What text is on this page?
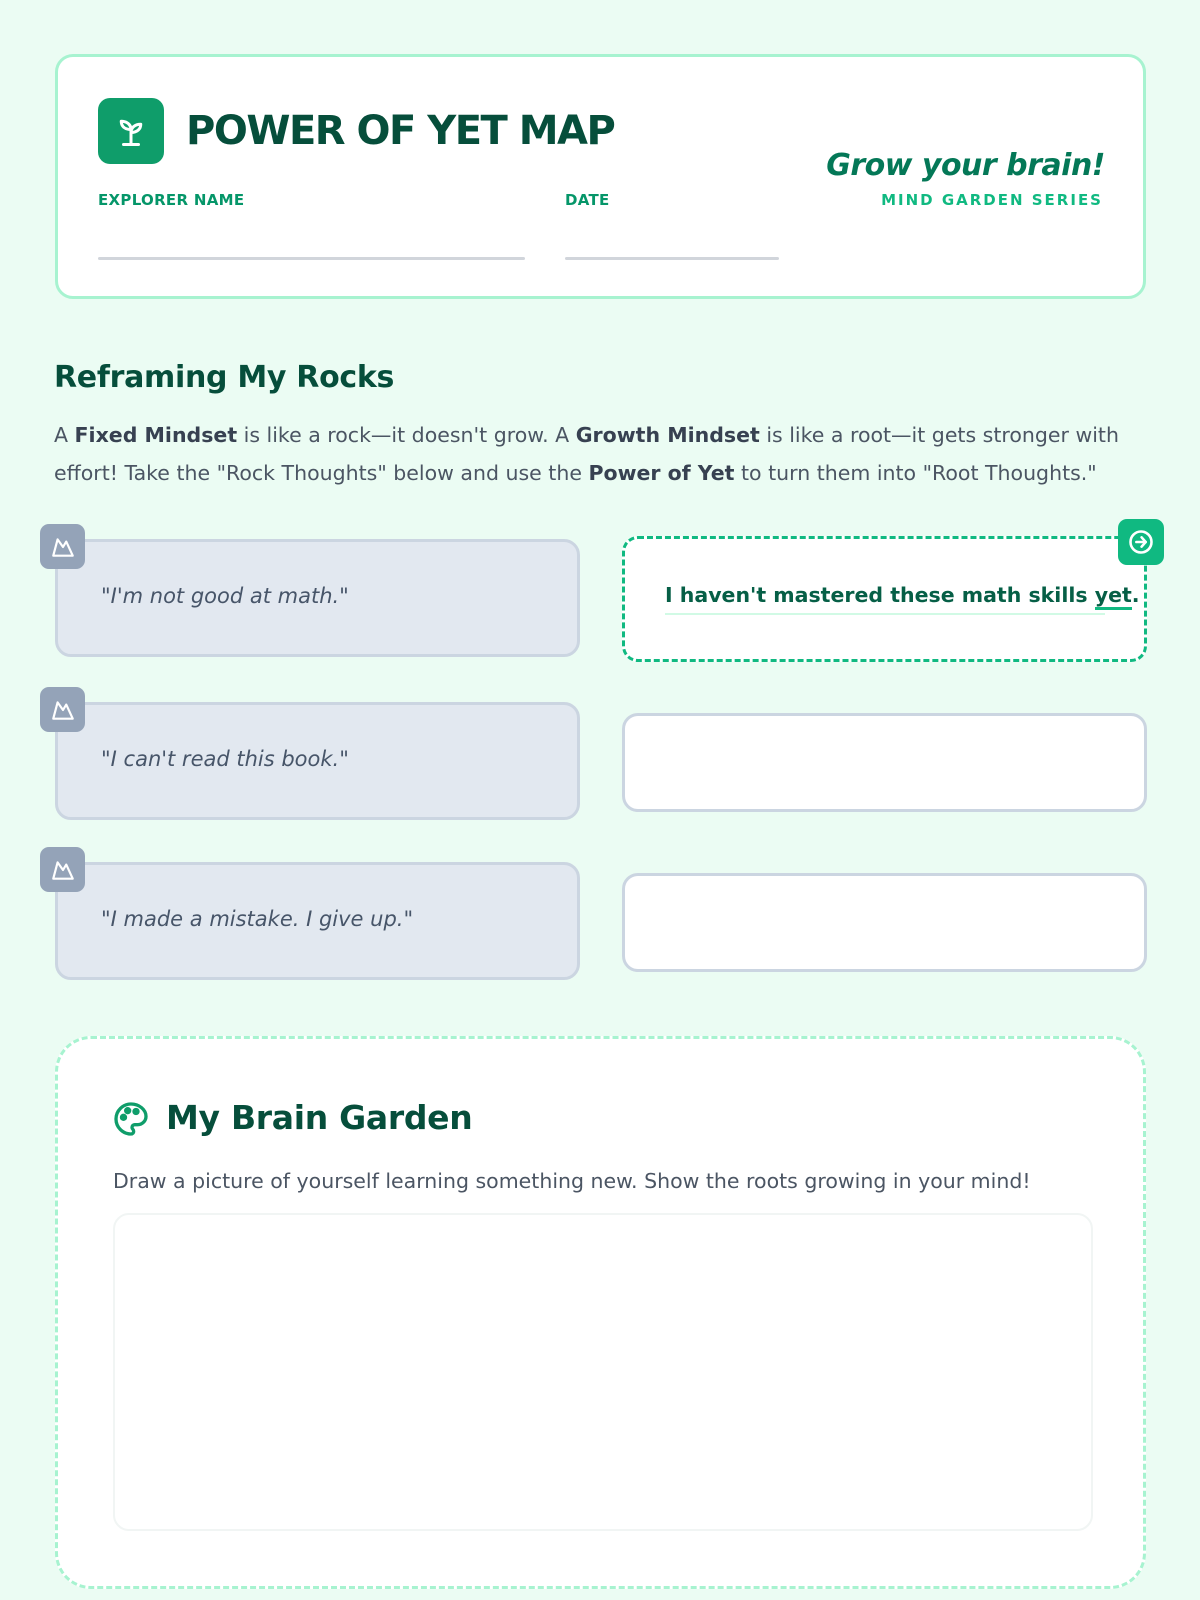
POWER OF YET MAP
EXPLORER NAME	DATE

Grow your brain!

MIND GARDEN SERIES
Reframing My Rocks

A Fixed Mindset is like a rock—it doesn't grow. A Growth Mindset is like a root—it gets stronger with effort! Take the "Rock Thoughts" below and use the Power of Yet to turn them into "Root Thoughts."

"I'm not good at math."
"I can't read this book."
"I made a mistake. I give up."
I haven't mastered these math skills yet.
My Brain Garden

Draw a picture of yourself learning something new. Show the roots growing in your mind!
